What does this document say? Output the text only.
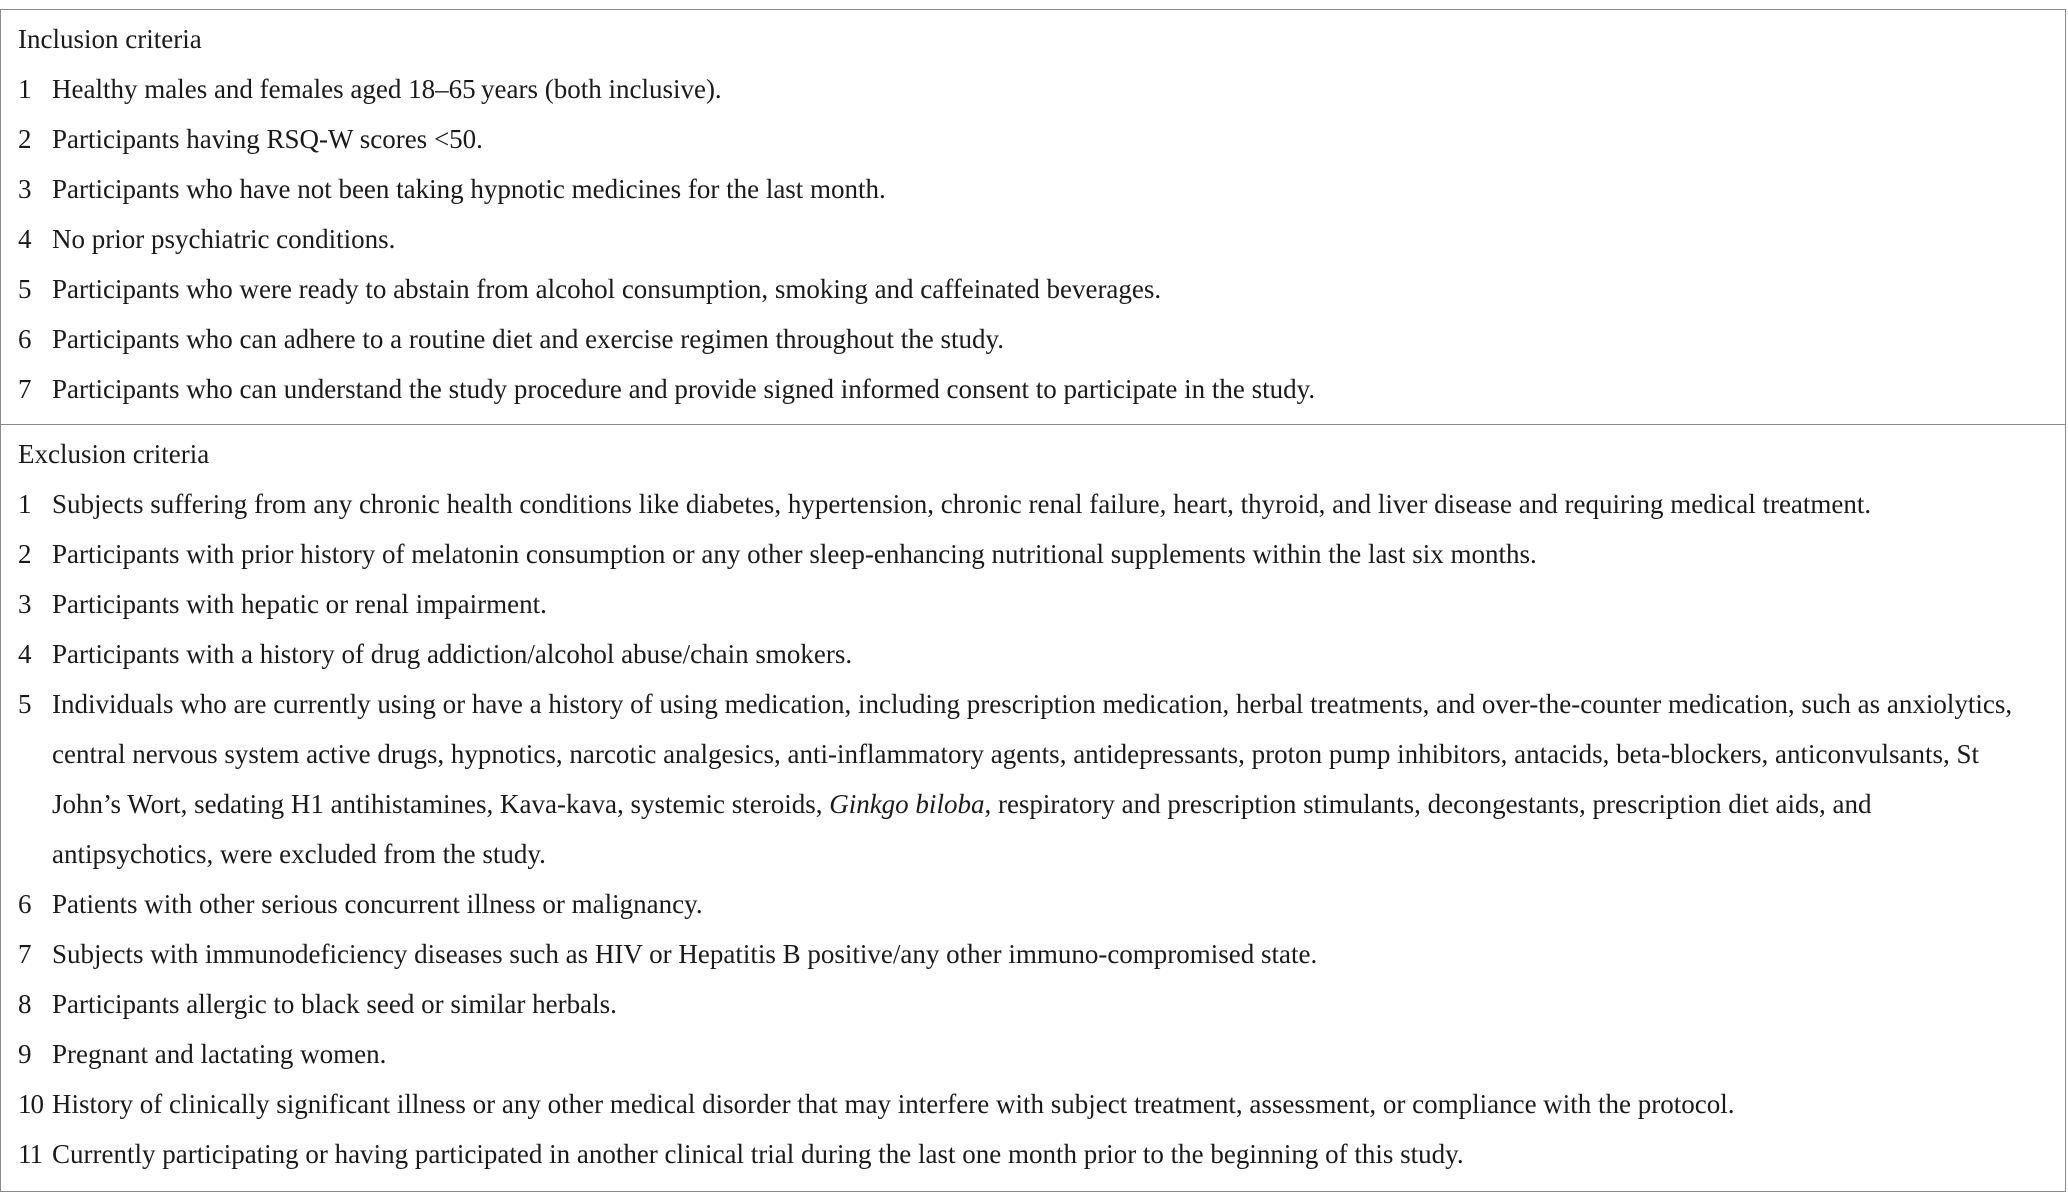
Inclusion criteria
1 Healthy males and females aged 18–65 years (both inclusive).
2 Participants having RSQ-W scores <50.
3 Participants who have not been taking hypnotic medicines for the last month.
4 No prior psychiatric conditions.
5 Participants who were ready to abstain from alcohol consumption, smoking and caffeinated beverages.
6 Participants who can adhere to a routine diet and exercise regimen throughout the study.
7 Participants who can understand the study procedure and provide signed informed consent to participate in the study.
Exclusion criteria
1 Subjects suffering from any chronic health conditions like diabetes, hypertension, chronic renal failure, heart, thyroid, and liver disease and requiring medical treatment.
2 Participants with prior history of melatonin consumption or any other sleep-enhancing nutritional supplements within the last six months.
3 Participants with hepatic or renal impairment.
4 Participants with a history of drug addiction/alcohol abuse/chain smokers.
5 Individuals who are currently using or have a history of using medication, including prescription medication, herbal treatments, and over-the-counter medication, such as anxiolytics, central nervous system active drugs, hypnotics, narcotic analgesics, anti-inflammatory agents, antidepressants, proton pump inhibitors, antacids, beta-blockers, anticonvulsants, St John’s Wort, sedating H1 antihistamines, Kava-kava, systemic steroids, Ginkgo biloba, respiratory and prescription stimulants, decongestants, prescription diet aids, and antipsychotics, were excluded from the study.
6 Patients with other serious concurrent illness or malignancy.
7 Subjects with immunodeficiency diseases such as HIV or Hepatitis B positive/any other immuno-compromised state.
8 Participants allergic to black seed or similar herbals.
9 Pregnant and lactating women.
10 History of clinically significant illness or any other medical disorder that may interfere with subject treatment, assessment, or compliance with the protocol.
11 Currently participating or having participated in another clinical trial during the last one month prior to the beginning of this study.
